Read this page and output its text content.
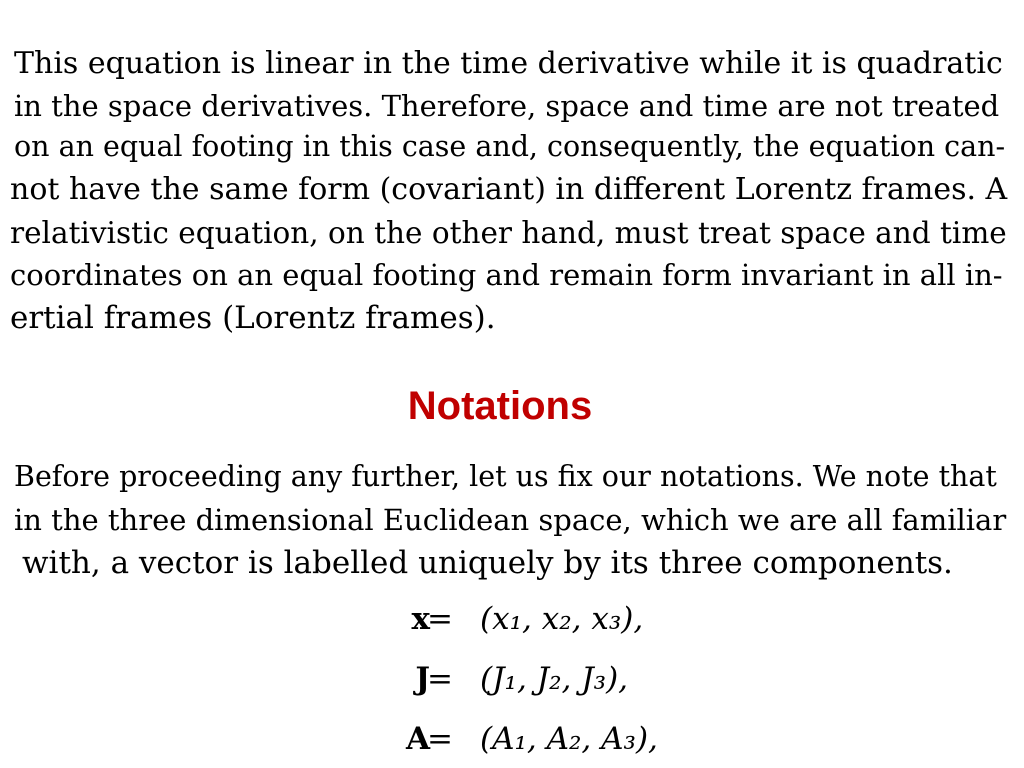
This equation is linear in the time derivative while it is quadratic
in the space derivatives. Therefore, space and time are not treated
on an equal footing in this case and, consequently, the equation can-
not have the same form (covariant) in different Lorentz frames. A
relativistic equation, on the other hand, must treat space and time
coordinates on an equal footing and remain form invariant in all in-
ertial frames (Lorentz frames).
Notations
Before proceeding any further, let us fix our notations. We note that
in the three dimensional Euclidean space, which we are all familiar
with, a vector is labelled uniquely by its three components.
x
= (x₁, x₂, x₃),
J
= (J₁, J₂, J₃),
A
= (A₁, A₂, A₃),
